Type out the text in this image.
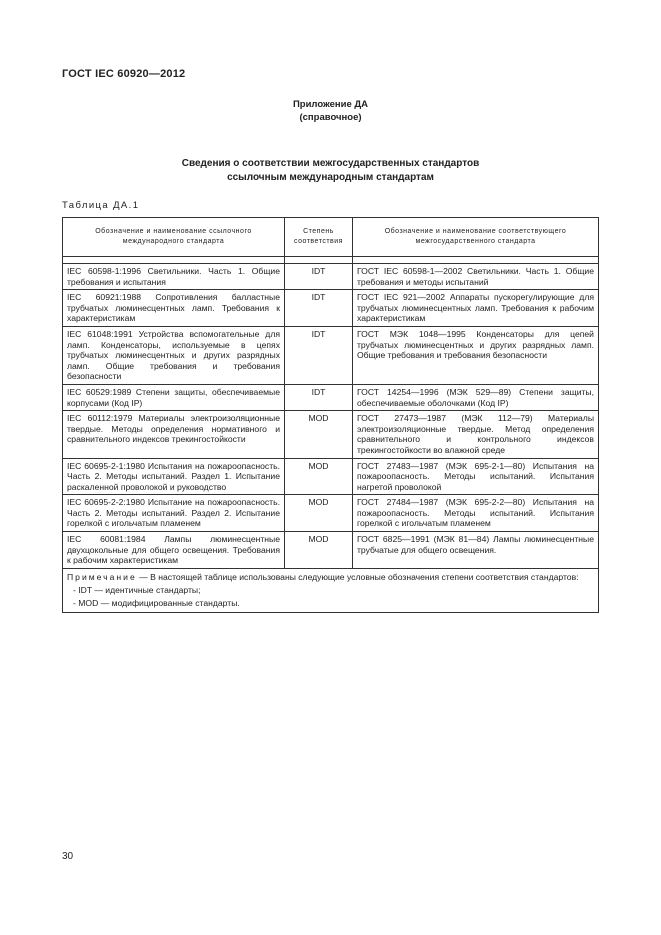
ГОСТ IEC 60920—2012
Приложение ДА
(справочное)
Сведения о соответствии межгосударственных стандартов
ссылочным международным стандартам
Таблица ДА.1
Обозначение и наименование ссылочного международного стандарта	Степень соответствия	Обозначение и наименование соответствующего межгосударственного стандарта

IEC 60598-1:1996 Светильники. Часть 1. Общие требования и испытания	IDT	ГОСТ IEC 60598-1—2002 Светильники. Часть 1. Общие требования и методы испытаний
IEC 60921:1988 Сопротивления балластные трубчатых люминесцентных ламп. Требования к характеристикам	IDT	ГОСТ IEC 921—2002 Аппараты пускорегулирующие для трубчатых люминесцентных ламп. Требования к рабочим характеристикам
IEC 61048:1991 Устройства вспомогательные для ламп. Конденсаторы, используемые в цепях трубчатых люминесцентных и других разрядных ламп. Общие требования и требования безопасности	IDT	ГОСТ МЭК 1048—1995 Конденсаторы для цепей трубчатых люминесцентных и других разрядных ламп. Общие требования и требования безопасности
IEC 60529:1989 Степени защиты, обеспечиваемые корпусами (Код IP)	IDT	ГОСТ 14254—1996 (МЭК 529—89) Степени защиты, обеспечиваемые оболочками (Код IP)
IEC 60112:1979 Материалы электроизоляционные твердые. Методы определения нормативного и сравнительного индексов трекингостойкости	MOD	ГОСТ 27473—1987 (МЭК 112—79) Материалы электроизоляционные твердые. Метод определения сравнительного и контрольного индексов трекингостойкости во влажной среде
IEC 60695-2-1:1980 Испытания на пожароопасность. Часть 2. Методы испытаний. Раздел 1. Испытание раскаленной проволокой и руководство	MOD	ГОСТ 27483—1987 (МЭК 695-2-1—80) Испытания на пожароопасность. Методы испытаний. Испытания нагретой проволокой
IEC 60695-2-2:1980 Испытание на пожароопасность. Часть 2. Методы испытаний. Раздел 2. Испытание горелкой с игольчатым пламенем	MOD	ГОСТ 27484—1987 (МЭК 695-2-2—80) Испытания на пожароопасность. Методы испытаний. Испытания горелкой с игольчатым пламенем
IEC 60081:1984 Лампы люминесцентные двухцокольные для общего освещения. Требования к рабочим характеристикам	MOD	ГОСТ 6825—1991 (МЭК 81—84) Лампы люминесцентные трубчатые для общего освещения.

Примечание — В настоящей таблице использованы следующие условные обозначения степени соответствия стандартов:
- IDT — идентичные стандарты;
- MOD — модифицированные стандарты.		
30
